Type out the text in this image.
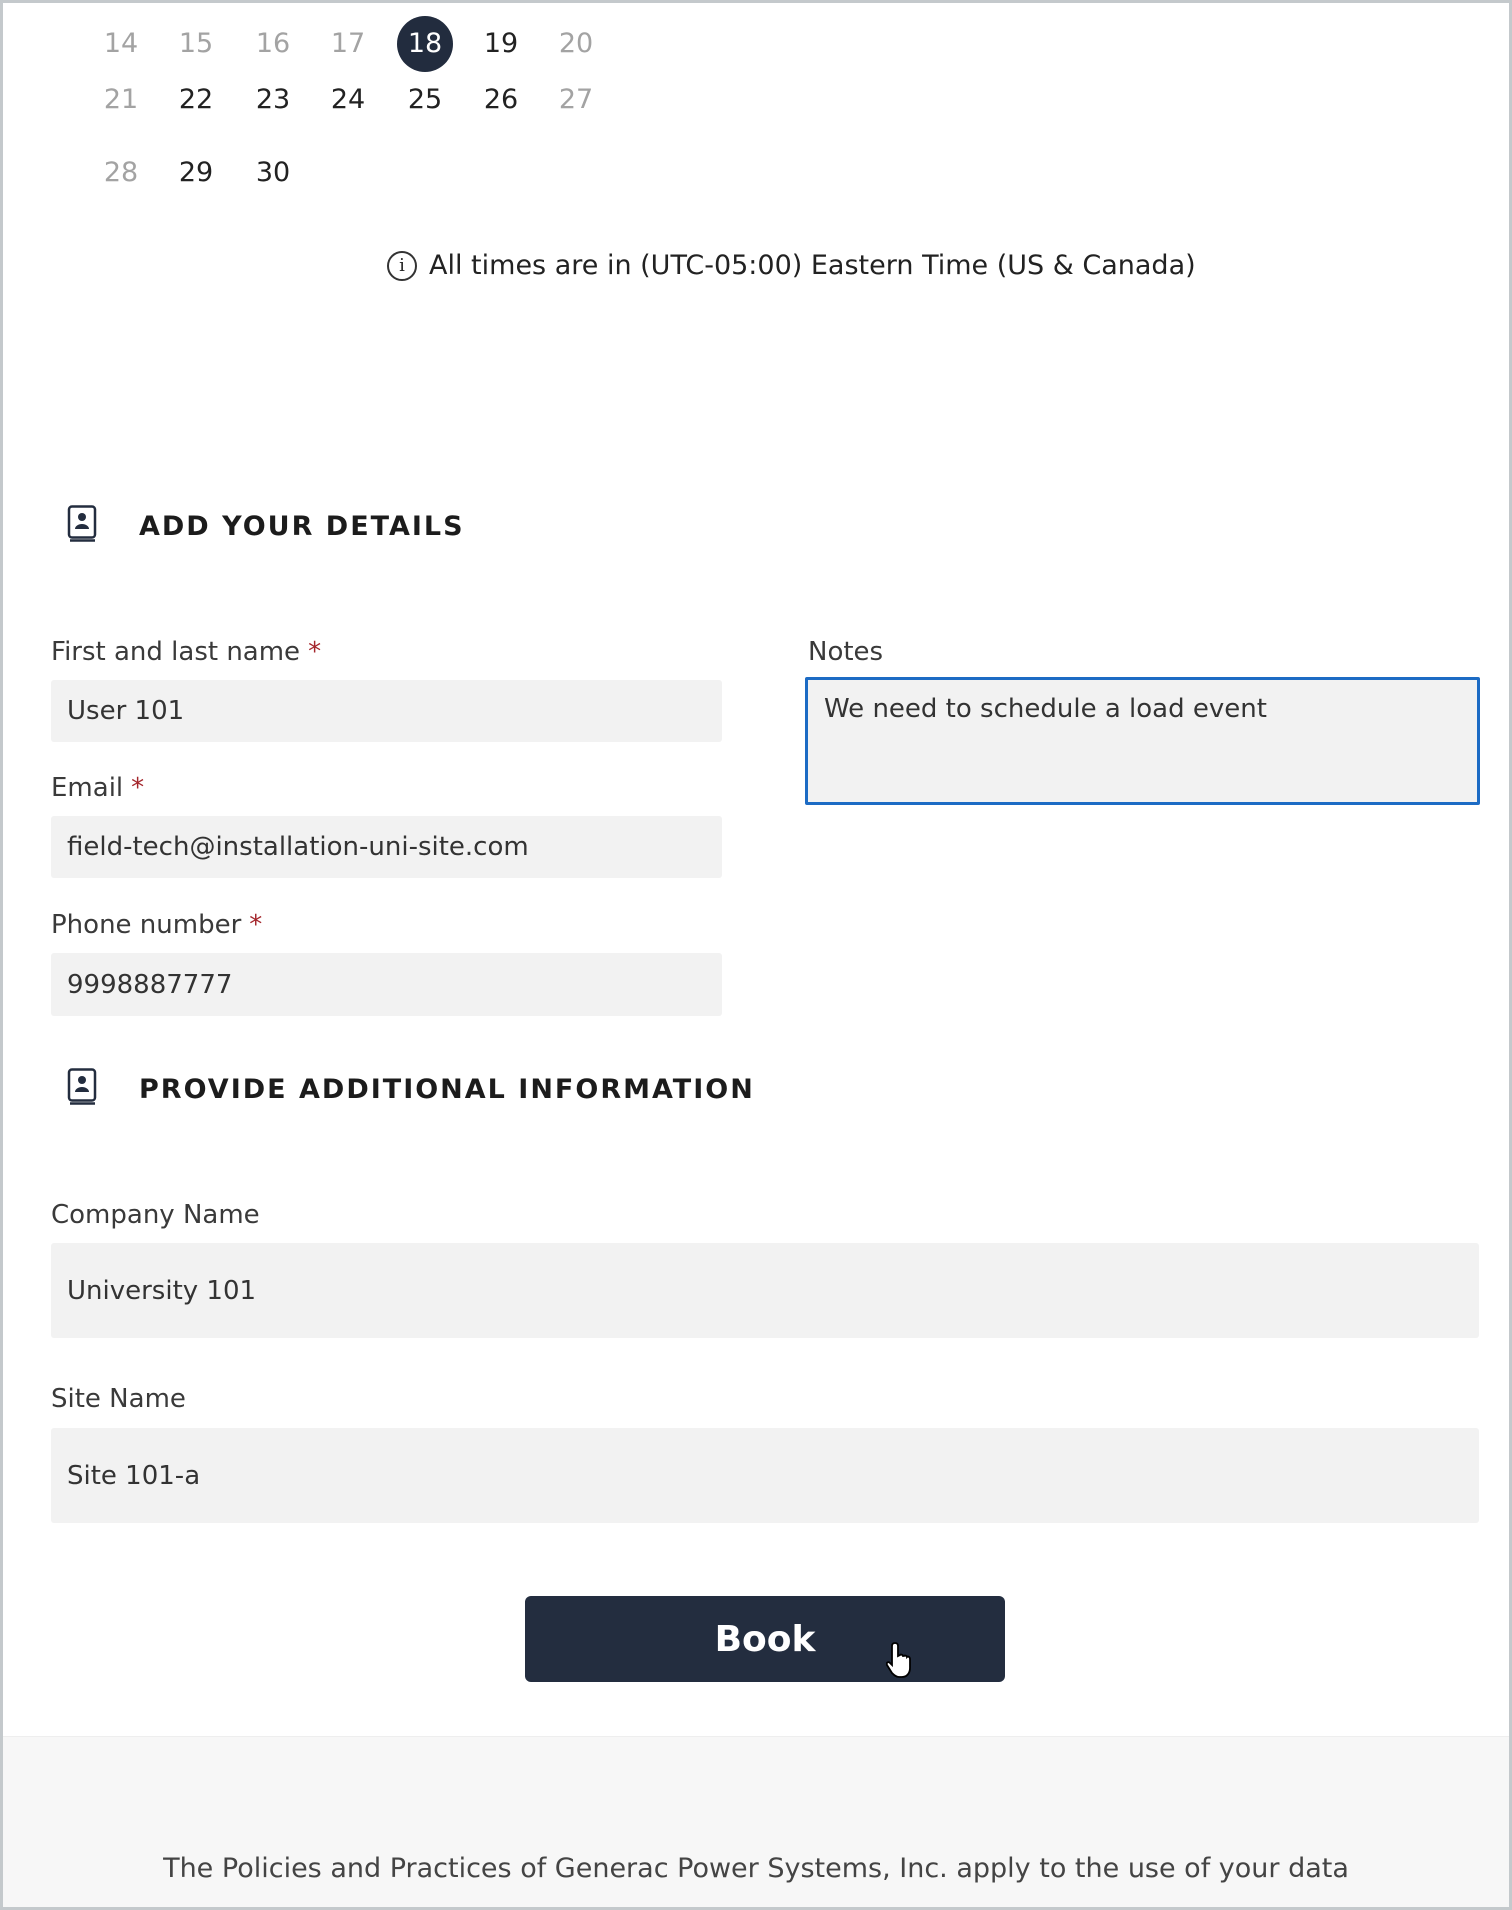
14	15	16	17	18	19	20
21	22	23	24	25	26	27
28	29	30
i All times are in (UTC-05:00) Eastern Time (US & Canada)
ADD YOUR DETAILS
First and last name *
User 101
Email *
field-tech@installation-uni-site.com
Phone number *
9998887777
Notes
We need to schedule a load event
PROVIDE ADDITIONAL INFORMATION
Company Name
University 101
Site Name
Site 101-a
Book
The Policies and Practices of Generac Power Systems, Inc. apply to the use of your data
